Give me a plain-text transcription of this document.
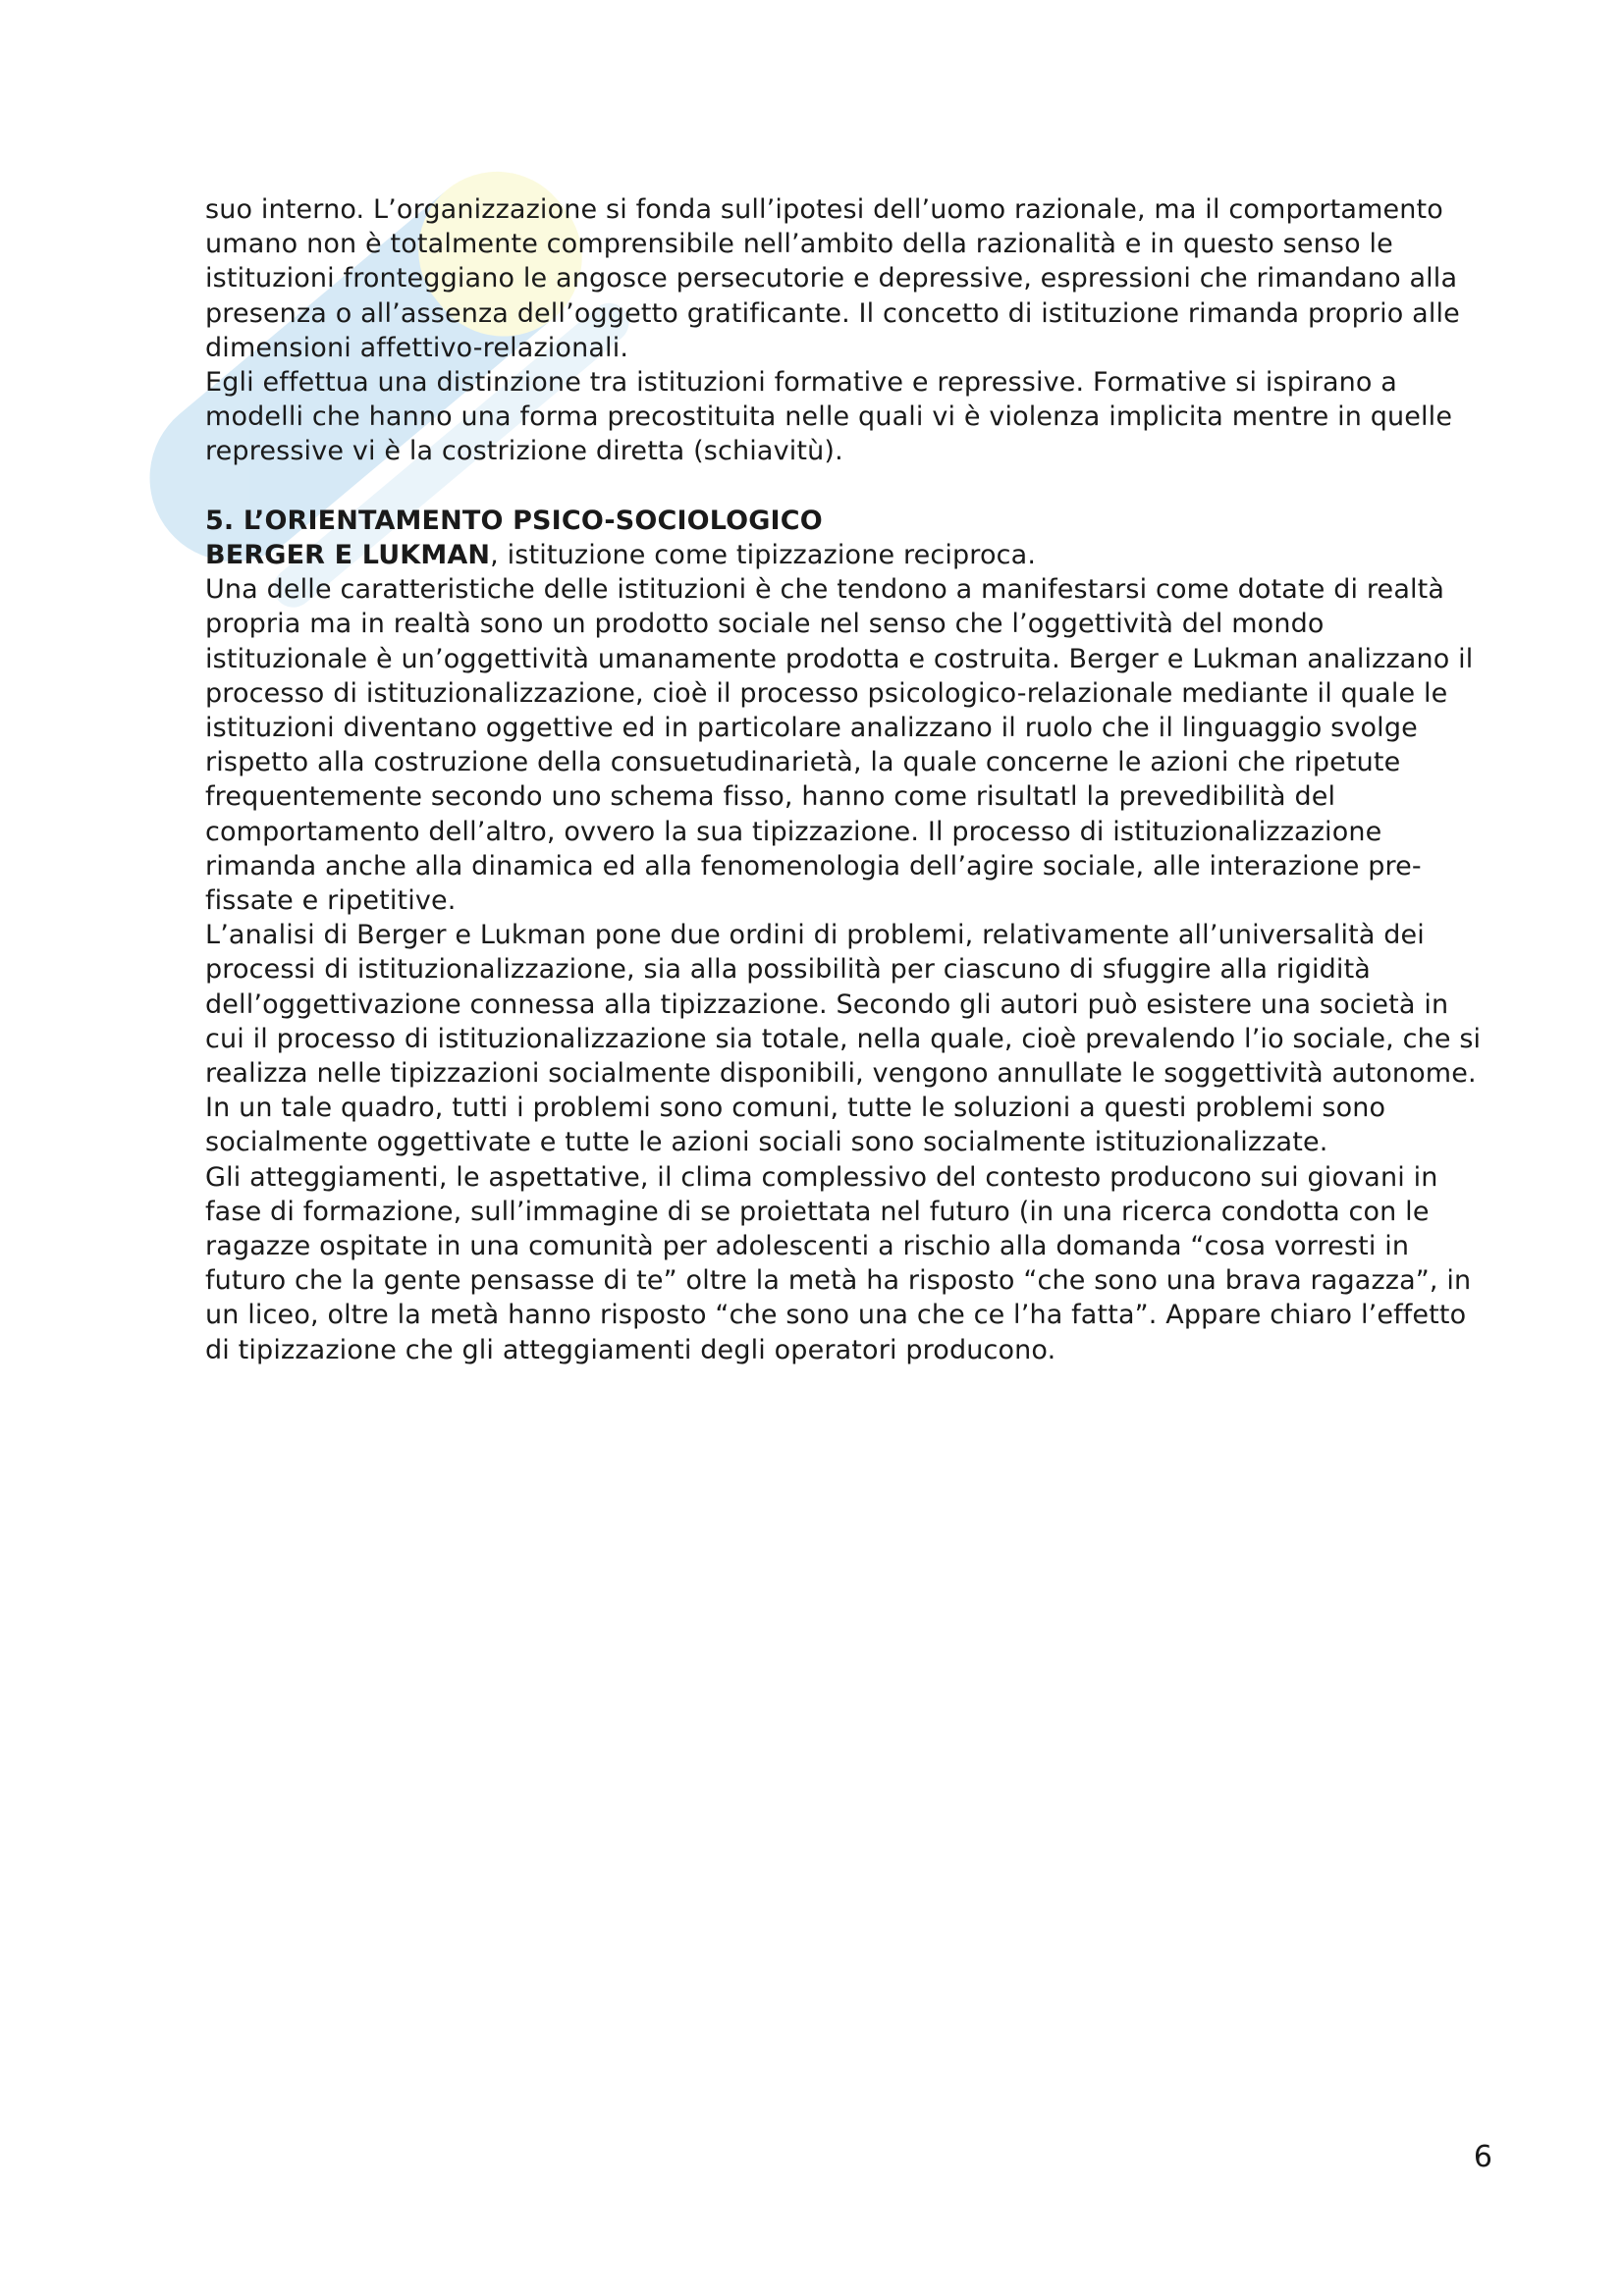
suo interno. L’organizzazione si fonda sull’ipotesi dell’uomo razionale, ma il comportamento umano non è totalmente comprensibile nell’ambito della razionalità e in questo senso le istituzioni fronteggiano le angosce persecutorie e depressive, espressioni che rimandano alla presenza o all’assenza dell’oggetto gratificante. Il concetto di istituzione rimanda proprio alle dimensioni affettivo-relazionali.

Egli effettua una distinzione tra istituzioni formative e repressive. Formative si ispirano a modelli che hanno una forma precostituita nelle quali vi è violenza implicita mentre in quelle repressive vi è la costrizione diretta (schiavitù).

5. L’ORIENTAMENTO PSICO-SOCIOLOGICO

BERGER E LUKMAN, istituzione come tipizzazione reciproca.

Una delle caratteristiche delle istituzioni è che tendono a manifestarsi come dotate di realtà propria ma in realtà sono un prodotto sociale nel senso che l’oggettività del mondo istituzionale è un’oggettività umanamente prodotta e costruita. Berger e Lukman analizzano il processo di istituzionalizzazione, cioè il processo psicologico-relazionale mediante il quale le istituzioni diventano oggettive ed in particolare analizzano il ruolo che il linguaggio svolge rispetto alla costruzione della consuetudinarietà, la quale concerne le azioni che ripetute frequentemente secondo uno schema fisso, hanno come risultatl la prevedibilità del comportamento dell’altro, ovvero la sua tipizzazione. Il processo di istituzionalizzazione rimanda anche alla dinamica ed alla fenomenologia dell’agire sociale, alle interazione pre-fissate e ripetitive.

L’analisi di Berger e Lukman pone due ordini di problemi, relativamente all’universalità dei processi di istituzionalizzazione, sia alla possibilità per ciascuno di sfuggire alla rigidità dell’oggettivazione connessa alla tipizzazione. Secondo gli autori può esistere una società in cui il processo di istituzionalizzazione sia totale, nella quale, cioè prevalendo l’io sociale, che si realizza nelle tipizzazioni socialmente disponibili, vengono annullate le soggettività autonome. In un tale quadro, tutti i problemi sono comuni, tutte le soluzioni a questi problemi sono socialmente oggettivate e tutte le azioni sociali sono socialmente istituzionalizzate.

Gli atteggiamenti, le aspettative, il clima complessivo del contesto producono sui giovani in fase di formazione, sull’immagine di se proiettata nel futuro (in una ricerca condotta con le ragazze ospitate in una comunità per adolescenti a rischio alla domanda “cosa vorresti in futuro che la gente pensasse di te” oltre la metà ha risposto “che sono una brava ragazza”, in un liceo, oltre la metà hanno risposto “che sono una che ce l’ha fatta”. Appare chiaro l’effetto di tipizzazione che gli atteggiamenti degli operatori producono.

6
